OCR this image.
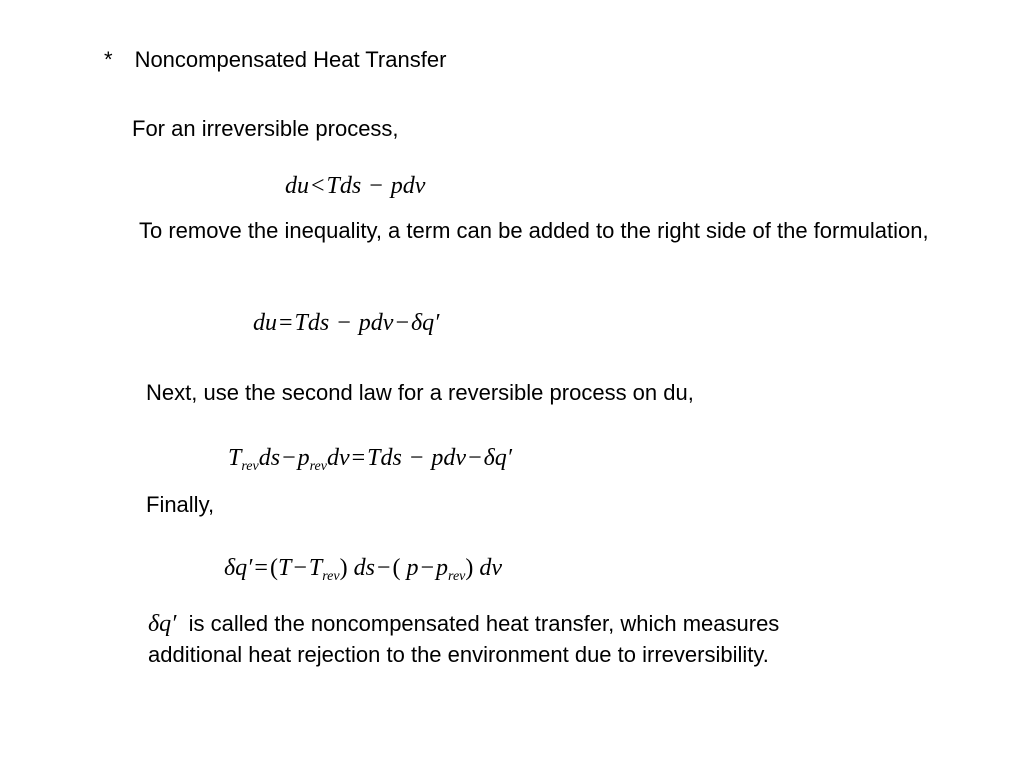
* Noncompensated Heat Transfer
For an irreversible process,
du<Tds − pdv
To remove the inequality, a term can be added to the right side of the formulation,
du=Tds − pdv−δq′
Next, use the second law for a reversible process on du,
$T_{rev}ds-p_{rev}dv=Tds - pdv-\delta q'$
Finally,
$\delta q'=(T-T_{rev})$ ds−( $p-p_{rev}$) dv
δq′ is called the noncompensated heat transfer, which measures
additional heat rejection to the environment due to irreversibility.
